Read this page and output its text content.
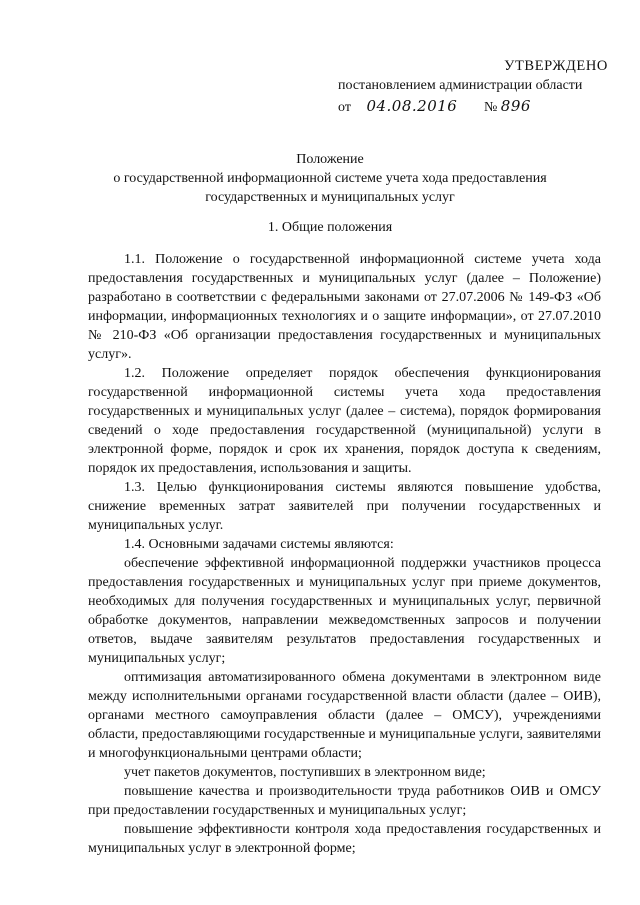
УТВЕРЖДЕНО
постановлением администрации области
от 04.08.2016 № 896
Положение
о государственной информационной системе учета хода предоставления
государственных и муниципальных услуг
1. Общие положения

1.1. Положение о государственной информационной системе учета хода предоставления государственных и муниципальных услуг (далее – Положение) разработано в соответствии с федеральными законами от 27.07.2006 № 149-ФЗ «Об информации, информационных технологиях и о защите информации», от 27.07.2010 № 210-ФЗ «Об организации предоставления государственных и муниципальных услуг».

1.2. Положение определяет порядок обеспечения функционирования государственной информационной системы учета хода предоставления государственных и муниципальных услуг (далее – система), порядок формирования сведений о ходе предоставления государственной (муниципальной) услуги в электронной форме, порядок и срок их хранения, порядок доступа к сведениям, порядок их предоставления, использования и защиты.

1.3. Целью функционирования системы являются повышение удобства, снижение временных затрат заявителей при получении государственных и муниципальных услуг.

1.4. Основными задачами системы являются:

обеспечение эффективной информационной поддержки участников процесса предоставления государственных и муниципальных услуг при приеме документов, необходимых для получения государственных и муниципальных услуг, первичной обработке документов, направлении межведомственных запросов и получении ответов, выдаче заявителям результатов предоставления государственных и муниципальных услуг;

оптимизация автоматизированного обмена документами в электронном виде между исполнительными органами государственной власти области (далее – ОИВ), органами местного самоуправления области (далее – ОМСУ), учреждениями области, предоставляющими государственные и муниципальные услуги, заявителями и многофункциональными центрами области;

учет пакетов документов, поступивших в электронном виде;

повышение качества и производительности труда работников ОИВ и ОМСУ при предоставлении государственных и муниципальных услуг;

повышение эффективности контроля хода предоставления государственных и муниципальных услуг в электронной форме;
